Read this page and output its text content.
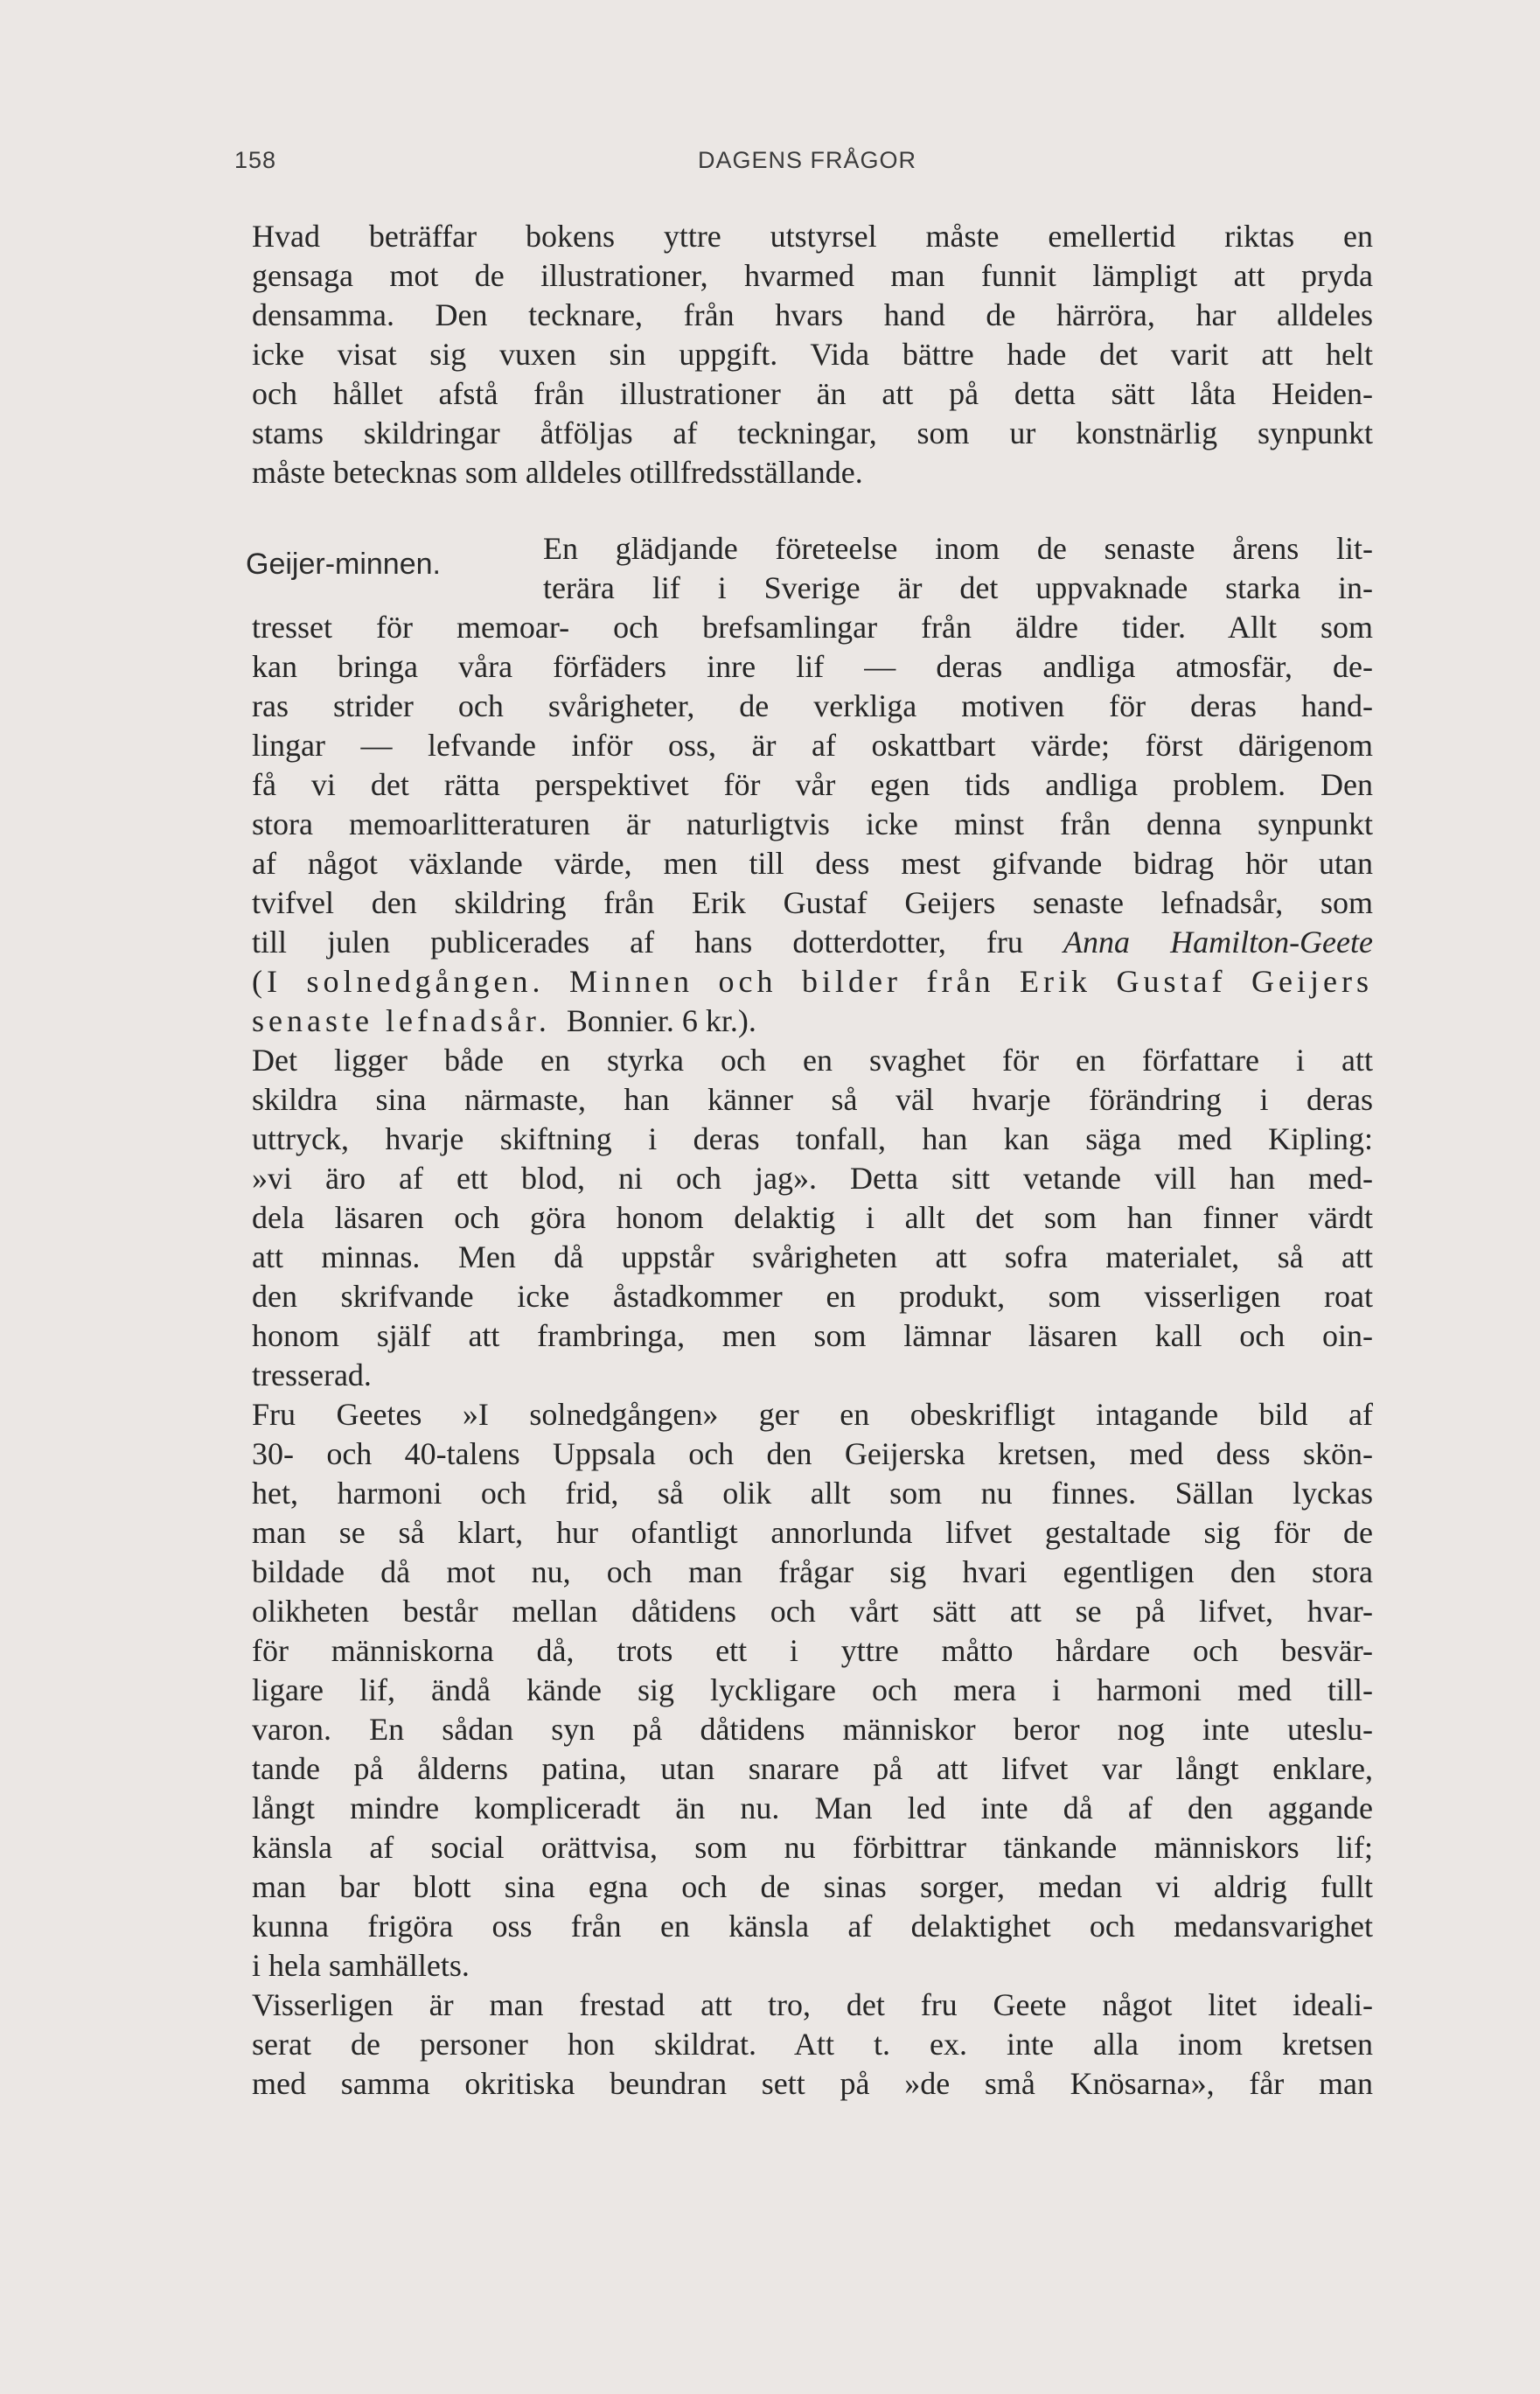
158	DAGENS FRÅGOR
Hvad beträffar bokens yttre utstyrsel måste emellertid riktas en
gensaga mot de illustrationer, hvarmed man funnit lämpligt att pryda
densamma. Den tecknare, från hvars hand de härröra, har alldeles
icke visat sig vuxen sin uppgift. Vida bättre hade det varit att helt
och hållet afstå från illustrationer än att på detta sätt låta Heiden-
stams skildringar åtföljas af teckningar, som ur konstnärlig synpunkt
måste betecknas som alldeles otillfredsställande.
Geijer-minnen.	En glädjande företeelse inom de senaste årens lit-
terära lif i Sverige är det uppvaknade starka in-
tresset för memoar- och brefsamlingar från äldre tider. Allt som
kan bringa våra förfäders inre lif — deras andliga atmosfär, de-
ras strider och svårigheter, de verkliga motiven för deras hand-
lingar — lefvande inför oss, är af oskattbart värde; först därigenom
få vi det rätta perspektivet för vår egen tids andliga problem. Den
stora memoarlitteraturen är naturligtvis icke minst från denna synpunkt
af något växlande värde, men till dess mest gifvande bidrag hör utan
tvifvel den skildring från Erik Gustaf Geijers senaste lefnadsår, som
till julen publicerades af hans dotterdotter, fru Anna Hamilton-Geete
(I solnedgången. Minnen och bilder från Erik Gustaf Geijers
senaste lefnadsår. Bonnier. 6 kr.).
Det ligger både en styrka och en svaghet för en författare i att
skildra sina närmaste, han känner så väl hvarje förändring i deras
uttryck, hvarje skiftning i deras tonfall, han kan säga med Kipling:
»vi äro af ett blod, ni och jag». Detta sitt vetande vill han med-
dela läsaren och göra honom delaktig i allt det som han finner värdt
att minnas. Men då uppstår svårigheten att sofra materialet, så att
den skrifvande icke åstadkommer en produkt, som visserligen roat
honom själf att frambringa, men som lämnar läsaren kall och oin-
tresserad.
Fru Geetes »I solnedgången» ger en obeskrifligt intagande bild af
30- och 40-talens Uppsala och den Geijerska kretsen, med dess skön-
het, harmoni och frid, så olik allt som nu finnes. Sällan lyckas
man se så klart, hur ofantligt annorlunda lifvet gestaltade sig för de
bildade då mot nu, och man frågar sig hvari egentligen den stora
olikheten består mellan dåtidens och vårt sätt att se på lifvet, hvar-
för människorna då, trots ett i yttre måtto hårdare och besvär-
ligare lif, ändå kände sig lyckligare och mera i harmoni med till-
varon. En sådan syn på dåtidens människor beror nog inte uteslu-
tande på ålderns patina, utan snarare på att lifvet var långt enklare,
långt mindre kompliceradt än nu. Man led inte då af den aggande
känsla af social orättvisa, som nu förbittrar tänkande människors lif;
man bar blott sina egna och de sinas sorger, medan vi aldrig fullt
kunna frigöra oss från en känsla af delaktighet och medansvarighet
i hela samhällets.
Visserligen är man frestad att tro, det fru Geete något litet ideali-
serat de personer hon skildrat. Att t. ex. inte alla inom kretsen
med samma okritiska beundran sett på »de små Knösarna», får man
